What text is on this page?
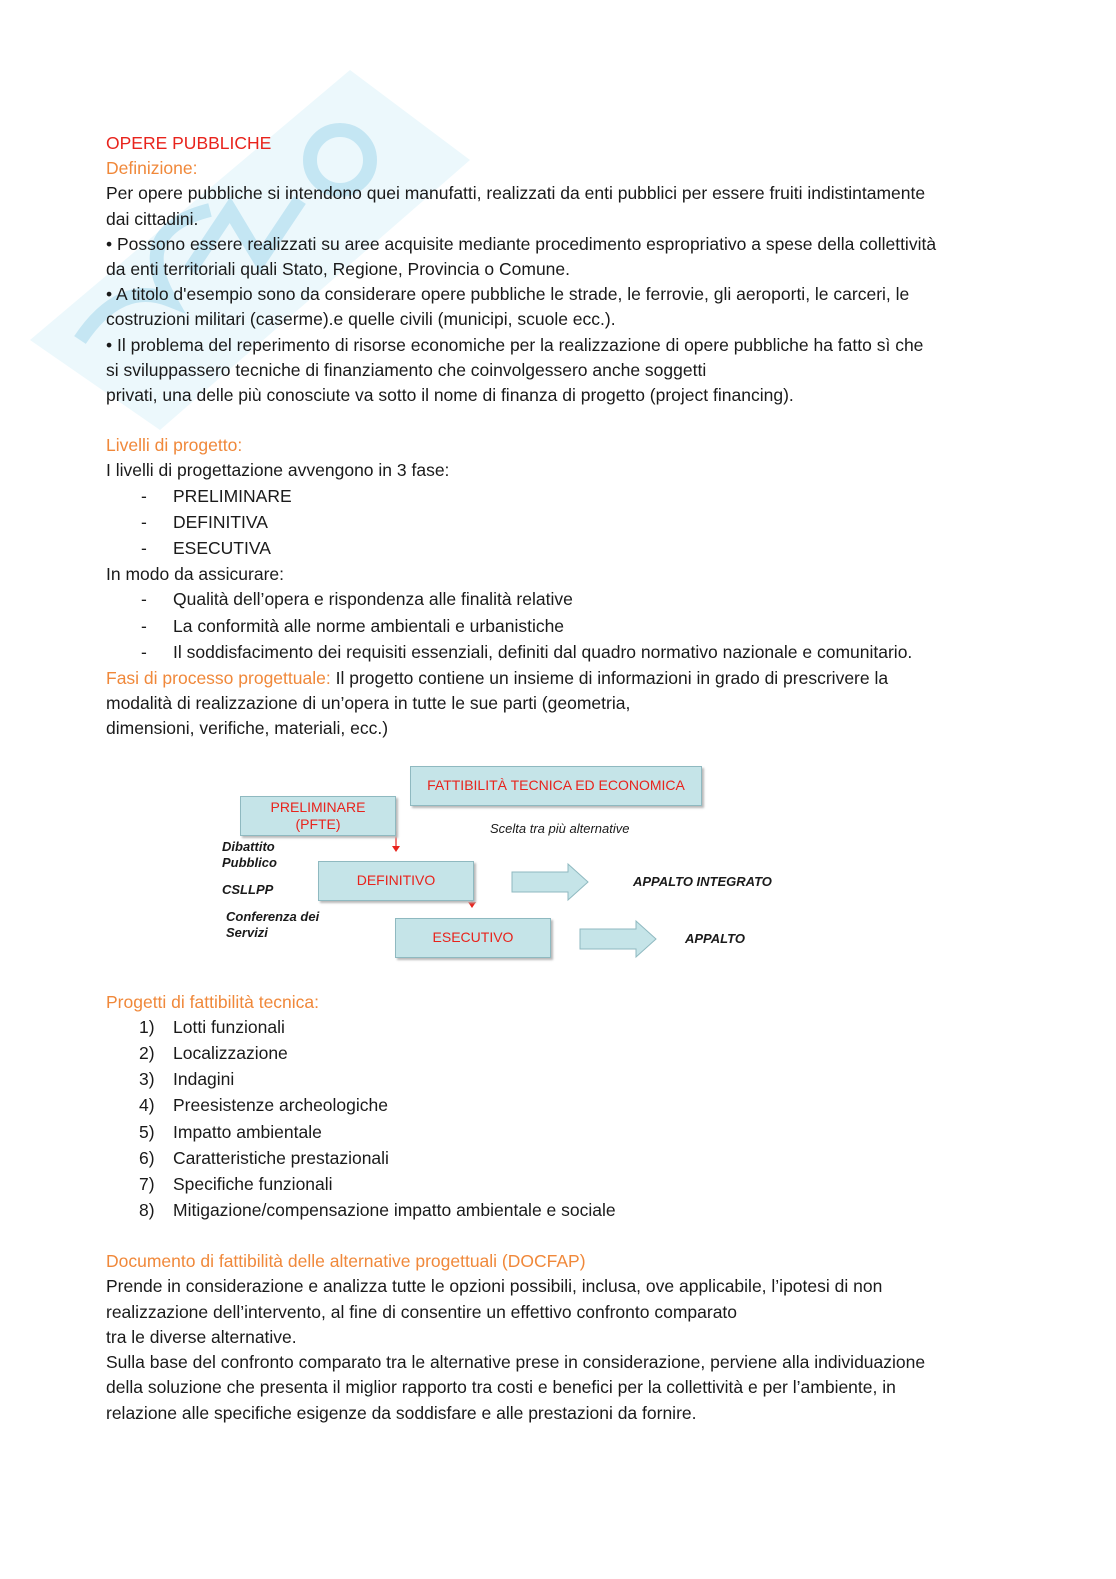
OPERE PUBBLICHE

Definizione:

Per opere pubbliche si intendono quei manufatti, realizzati da enti pubblici per essere fruiti indistintamente

dai cittadini.

• Possono essere realizzati su aree acquisite mediante procedimento espropriativo a spese della collettività

da enti territoriali quali Stato, Regione, Provincia o Comune.

• A titolo d'esempio sono da considerare opere pubbliche le strade, le ferrovie, gli aeroporti, le carceri, le

costruzioni militari (caserme).e quelle civili (municipi, scuole ecc.).

• Il problema del reperimento di risorse economiche per la realizzazione di opere pubbliche ha fatto sì che

si sviluppassero tecniche di finanziamento che coinvolgessero anche soggetti

privati, una delle più conosciute va sotto il nome di finanza di progetto (project financing).

Livelli di progetto:

I livelli di progettazione avvengono in 3 fase:

- PRELIMINARE
- DEFINITIVA
- ESECUTIVA

In modo da assicurare:

- Qualità dell’opera e rispondenza alle finalità relative
- La conformità alle norme ambientali e urbanistiche
- Il soddisfacimento dei requisiti essenziali, definiti dal quadro normativo nazionale e comunitario.

Fasi di processo progettuale: Il progetto contiene un insieme di informazioni in grado di prescrivere la

modalità di realizzazione di un’opera in tutte le sue parti (geometria,

dimensioni, verifiche, materiali, ecc.)

FATTIBILITÀ TECNICA ED ECONOMICA
Scelta tra più alternative
PRELIMINARE
(PFTE)
Dibattito
Pubblico
CSLLPP
DEFINITIVO
Conferenza dei
Servizi	ESECUTIVO
APPALTO INTEGRATO
APPALTO

Progetti di fattibilità tecnica:

1) Lotti funzionali
2) Localizzazione
3) Indagini
4) Preesistenze archeologiche
5) Impatto ambientale
6) Caratteristiche prestazionali
7) Specifiche funzionali
8) Mitigazione/compensazione impatto ambientale e sociale

Documento di fattibilità delle alternative progettuali (DOCFAP)

Prende in considerazione e analizza tutte le opzioni possibili, inclusa, ove applicabile, l’ipotesi di non

realizzazione dell’intervento, al fine di consentire un effettivo confronto comparato

tra le diverse alternative.

Sulla base del confronto comparato tra le alternative prese in considerazione, perviene alla individuazione

della soluzione che presenta il miglior rapporto tra costi e benefici per la collettività e per l’ambiente, in

relazione alle specifiche esigenze da soddisfare e alle prestazioni da fornire.
